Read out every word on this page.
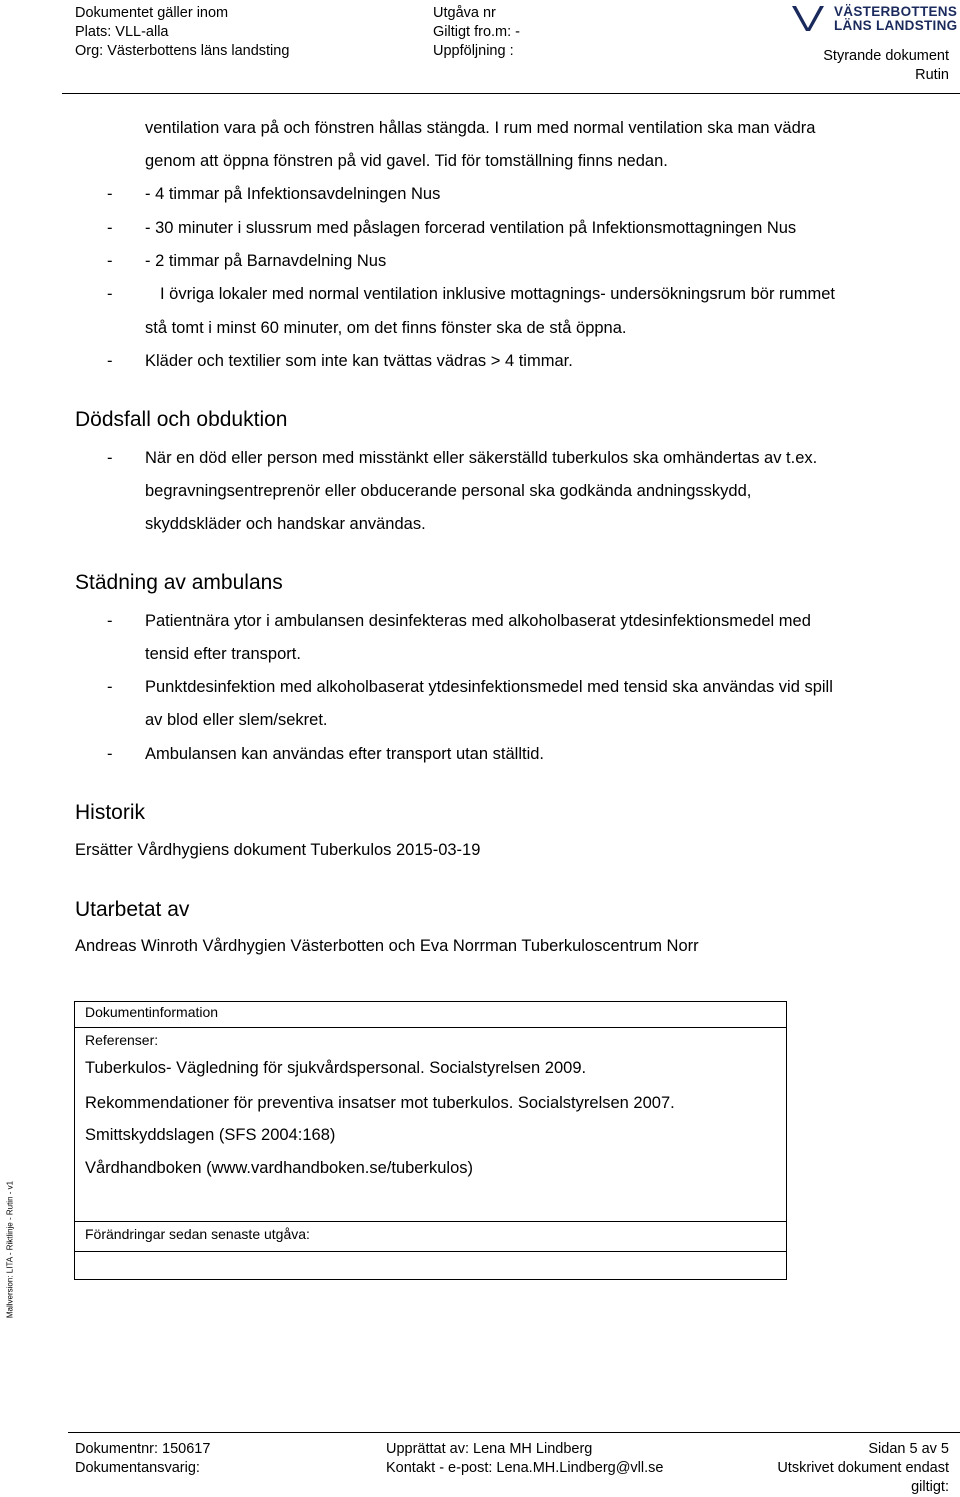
Dokumentet gäller inom
Plats: VLL-alla
Org: Västerbottens läns landsting
Utgåva nr
Giltigt fro.m: -
Uppföljning :
VÄSTERBOTTENS
LÄNS LANDSTING
Styrande dokument
Rutin
ventilation vara på och fönstren hållas stängda. I rum med normal ventilation ska man vädra
genom att öppna fönstren på vid gavel. Tid för tomställning finns nedan.
- - 4 timmar på Infektionsavdelningen Nus
- - 30 minuter i slussrum med påslagen forcerad ventilation på Infektionsmottagningen Nus
- - 2 timmar på Barnavdelning Nus
-	I övriga lokaler med normal ventilation inklusive mottagnings- undersökningsrum bör rummet
stå tomt i minst 60 minuter, om det finns fönster ska de stå öppna.
- Kläder och textilier som inte kan tvättas vädras > 4 timmar.
Dödsfall och obduktion
- När en död eller person med misstänkt eller säkerställd tuberkulos ska omhändertas av t.ex.
begravningsentreprenör eller obducerande personal ska godkända andningsskydd,
skyddskläder och handskar användas.
Städning av ambulans
- Patientnära ytor i ambulansen desinfekteras med alkoholbaserat ytdesinfektionsmedel med
tensid efter transport.
- Punktdesinfektion med alkoholbaserat ytdesinfektionsmedel med tensid ska användas vid spill
av blod eller slem/sekret.
- Ambulansen kan användas efter transport utan ställtid.
Historik
Ersätter Vårdhygiens dokument Tuberkulos 2015-03-19
Utarbetat av
Andreas Winroth Vårdhygien Västerbotten och Eva Norrman Tuberkuloscentrum Norr
Dokumentinformation
Referenser:
Tuberkulos- Vägledning för sjukvårdspersonal. Socialstyrelsen 2009.
Rekommendationer för preventiva insatser mot tuberkulos. Socialstyrelsen 2007.
Smittskyddslagen (SFS 2004:168)
Vårdhandboken (www.vardhandboken.se/tuberkulos)
Förändringar sedan senaste utgåva:
Mallversion: LITA - Riktlinje - Rutin - v1
Dokumentnr: 150617
Dokumentansvarig:
Upprättat av: Lena MH Lindberg
Kontakt - e-post: Lena.MH.Lindberg@vll.se
Sidan 5 av 5
Utskrivet dokument endast
giltigt:
